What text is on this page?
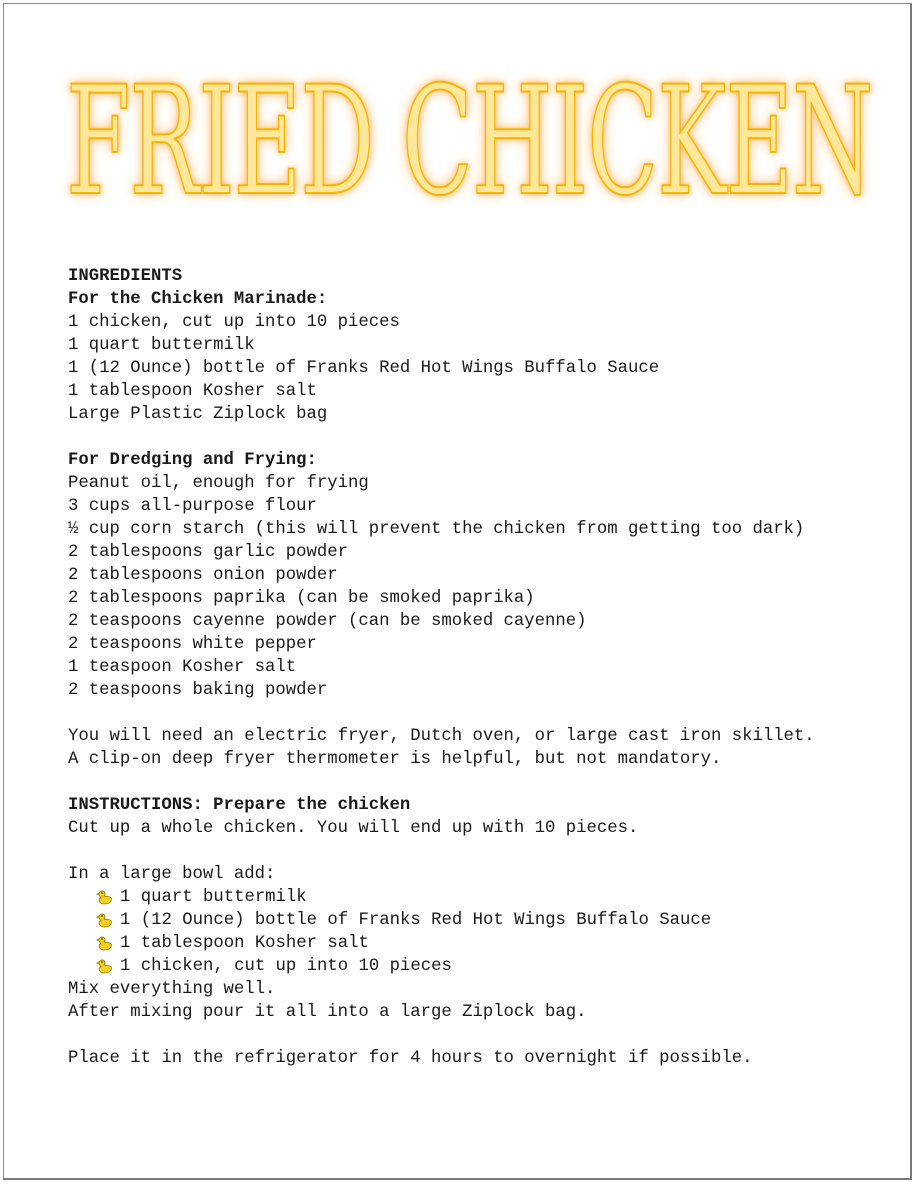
FRIED CHICKEN
INGREDIENTS
For the Chicken Marinade:
1 chicken, cut up into 10 pieces
1 quart buttermilk
1 (12 Ounce) bottle of Franks Red Hot Wings Buffalo Sauce
1 tablespoon Kosher salt
Large Plastic Ziplock bag
For Dredging and Frying:
Peanut oil, enough for frying
3 cups all-purpose flour
½ cup corn starch (this will prevent the chicken from getting too dark)
2 tablespoons garlic powder
2 tablespoons onion powder
2 tablespoons paprika (can be smoked paprika)
2 teaspoons cayenne powder (can be smoked cayenne)
2 teaspoons white pepper
1 teaspoon Kosher salt
2 teaspoons baking powder
You will need an electric fryer, Dutch oven, or large cast iron skillet.
A clip-on deep fryer thermometer is helpful, but not mandatory.
INSTRUCTIONS: Prepare the chicken
Cut up a whole chicken. You will end up with 10 pieces.
In a large bowl add:
1 quart buttermilk
1 (12 Ounce) bottle of Franks Red Hot Wings Buffalo Sauce
1 tablespoon Kosher salt
1 chicken, cut up into 10 pieces
Mix everything well.
After mixing pour it all into a large Ziplock bag.
Place it in the refrigerator for 4 hours to overnight if possible.
